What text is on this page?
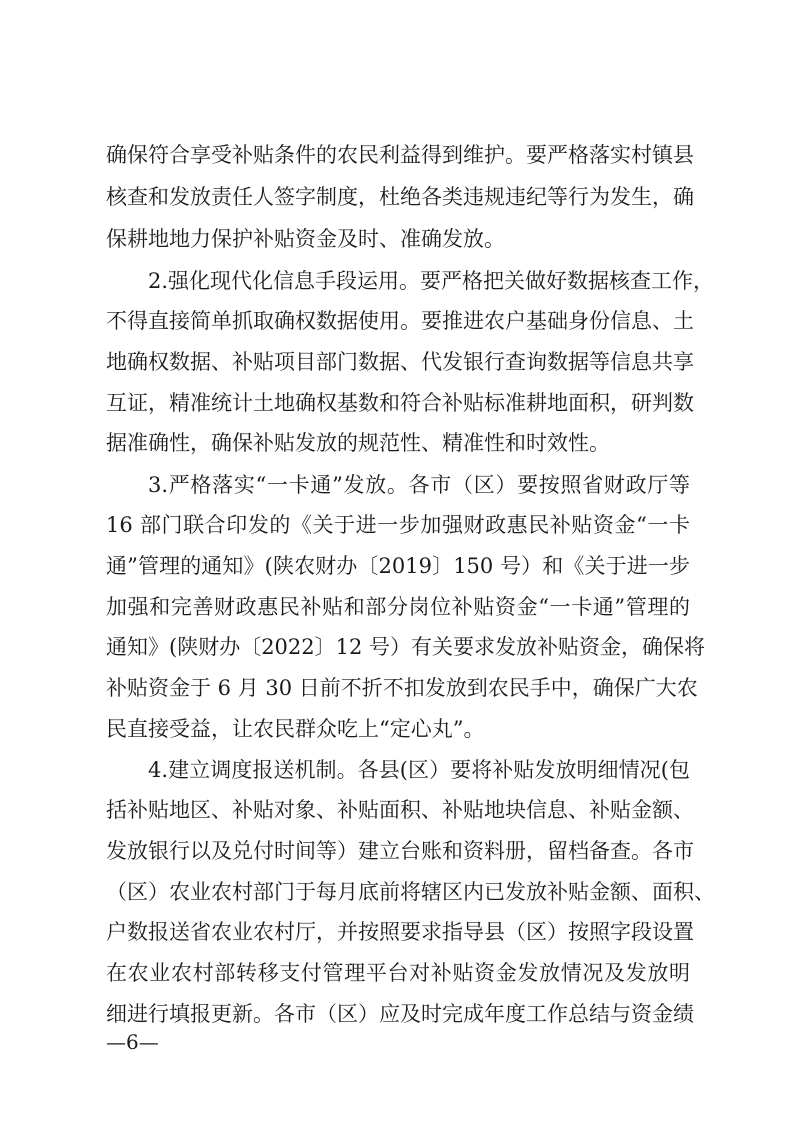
确保符合享受补贴条件的农民利益得到维护。要严格落实村镇县
核查和发放责任人签字制度，杜绝各类违规违纪等行为发生，确
保耕地地力保护补贴资金及时、准确发放。
2.强化现代化信息手段运用。要严格把关做好数据核查工作，
不得直接简单抓取确权数据使用。要推进农户基础身份信息、土
地确权数据、补贴项目部门数据、代发银行查询数据等信息共享
互证，精准统计土地确权基数和符合补贴标准耕地面积，研判数
据准确性，确保补贴发放的规范性、精准性和时效性。
3.严格落实“一卡通”发放。各市（区）要按照省财政厅等
16 部门联合印发的《关于进一步加强财政惠民补贴资金“一卡
通”管理的通知》(陕农财办〔2019〕150 号）和《关于进一步
加强和完善财政惠民补贴和部分岗位补贴资金“一卡通”管理的
通知》(陕财办〔2022〕12 号）有关要求发放补贴资金，确保将
补贴资金于 6 月 30 日前不折不扣发放到农民手中，确保广大农
民直接受益，让农民群众吃上“定心丸”。
4.建立调度报送机制。各县(区）要将补贴发放明细情况(包
括补贴地区、补贴对象、补贴面积、补贴地块信息、补贴金额、
发放银行以及兑付时间等）建立台账和资料册，留档备查。各市
（区）农业农村部门于每月底前将辖区内已发放补贴金额、面积、
户数报送省农业农村厅，并按照要求指导县（区）按照字段设置
在农业农村部转移支付管理平台对补贴资金发放情况及发放明
细进行填报更新。各市（区）应及时完成年度工作总结与资金绩
—6—
